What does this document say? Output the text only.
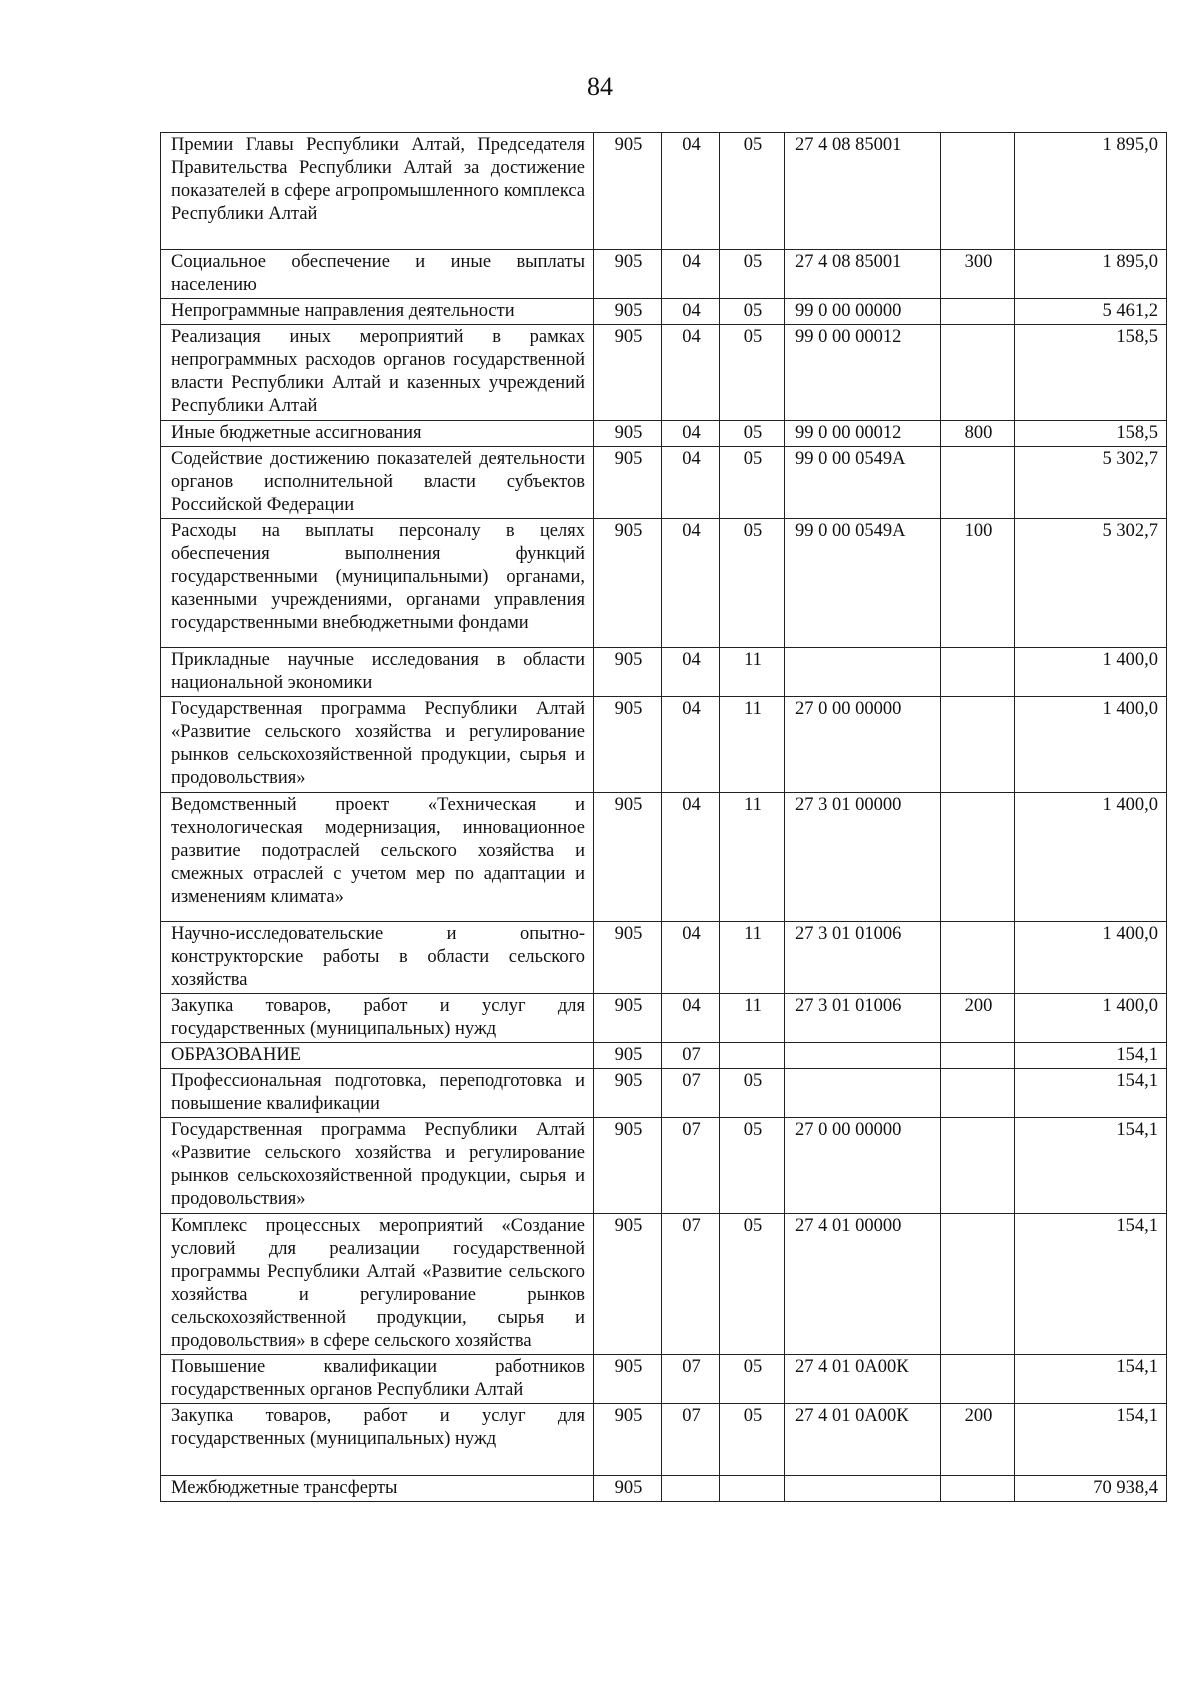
84
Премии Главы Республики Алтай, Председателя Правительства Республики Алтай за достижение показателей в сфере агропромышленного комплекса Республики Алтай	905	04	05	27 4 08 85001		1 895,0
Социальное обеспечение и иные выплаты населению	905	04	05	27 4 08 85001	300	1 895,0
Непрограммные направления деятельности	905	04	05	99 0 00 00000		5 461,2
Реализация иных мероприятий в рамках непрограммных расходов органов государственной власти Республики Алтай и казенных учреждений Республики Алтай	905	04	05	99 0 00 00012		158,5
Иные бюджетные ассигнования	905	04	05	99 0 00 00012	800	158,5
Содействие достижению показателей деятельности органов исполнительной власти субъектов Российской Федерации	905	04	05	99 0 00 0549А		5 302,7
Расходы на выплаты персоналу в целях обеспечения выполнения функций государственными (муниципальными) органами, казенными учреждениями, органами управления государственными внебюджетными фондами	905	04	05	99 0 00 0549А	100	5 302,7
Прикладные научные исследования в области национальной экономики	905	04	11			1 400,0
Государственная программа Республики Алтай «Развитие сельского хозяйства и регулирование рынков сельскохозяйственной продукции, сырья и продовольствия»	905	04	11	27 0 00 00000		1 400,0
Ведомственный проект «Техническая и технологическая модернизация, инновационное развитие подотраслей сельского хозяйства и смежных отраслей с учетом мер по адаптации и изменениям климата»	905	04	11	27 3 01 00000		1 400,0
Научно-исследовательские и опытно-конструкторские работы в области сельского хозяйства	905	04	11	27 3 01 01006		1 400,0
Закупка товаров, работ и услуг для государственных (муниципальных) нужд	905	04	11	27 3 01 01006	200	1 400,0
ОБРАЗОВАНИЕ	905	07				154,1
Профессиональная подготовка, переподготовка и повышение квалификации	905	07	05			154,1
Государственная программа Республики Алтай «Развитие сельского хозяйства и регулирование рынков сельскохозяйственной продукции, сырья и продовольствия»	905	07	05	27 0 00 00000		154,1
Комплекс процессных мероприятий «Создание условий для реализации государственной программы Республики Алтай «Развитие сельского хозяйства и регулирование рынков сельскохозяйственной продукции, сырья и продовольствия» в сфере сельского хозяйства	905	07	05	27 4 01 00000		154,1
Повышение квалификации работников государственных органов Республики Алтай	905	07	05	27 4 01 0А00К		154,1
Закупка товаров, работ и услуг для государственных (муниципальных) нужд	905	07	05	27 4 01 0А00К	200	154,1
Межбюджетные трансферты	905					70 938,4
